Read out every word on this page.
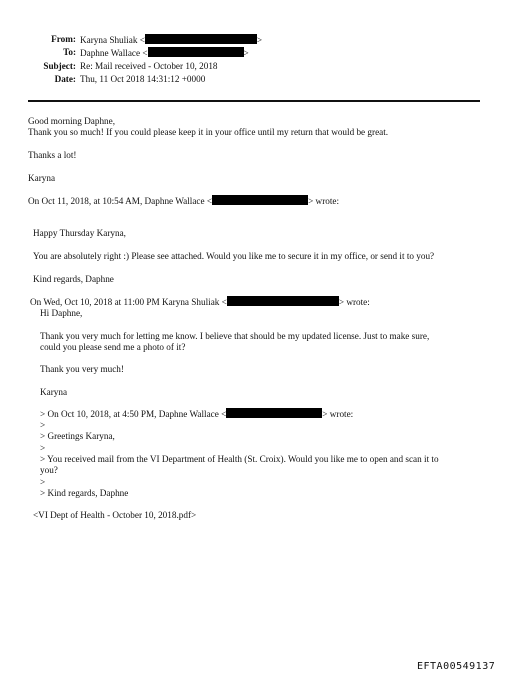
From: Karyna Shuliak <	>
To: Daphne Wallace <	>
Subject: Re: Mail received - October 10, 2018
Date: Thu, 11 Oct 2018 14:31:12 +0000
Good morning Daphne,
Thank you so much! If you could please keep it in your office until my return that would be great.
Thanks a lot!
Karyna
On Oct 11, 2018, at 10:54 AM, Daphne Wallace <	> wrote:
Happy Thursday Karyna,
You are absolutely right :) Please see attached. Would you like me to secure it in my office, or send it to you?
Kind regards, Daphne
On Wed, Oct 10, 2018 at 11:00 PM Karyna Shuliak <	> wrote:
Hi Daphne,
Thank you very much for letting me know. I believe that should be my updated license. Just to make sure,
could you please send me a photo of it?
Thank you very much!
Karyna
> On Oct 10, 2018, at 4:50 PM, Daphne Wallace <	> wrote:
>
> Greetings Karyna,
>
> You received mail from the VI Department of Health (St. Croix). Would you like me to open and scan it to
you?
>
> Kind regards, Daphne
<VI Dept of Health - October 10, 2018.pdf>
EFTA00549137
